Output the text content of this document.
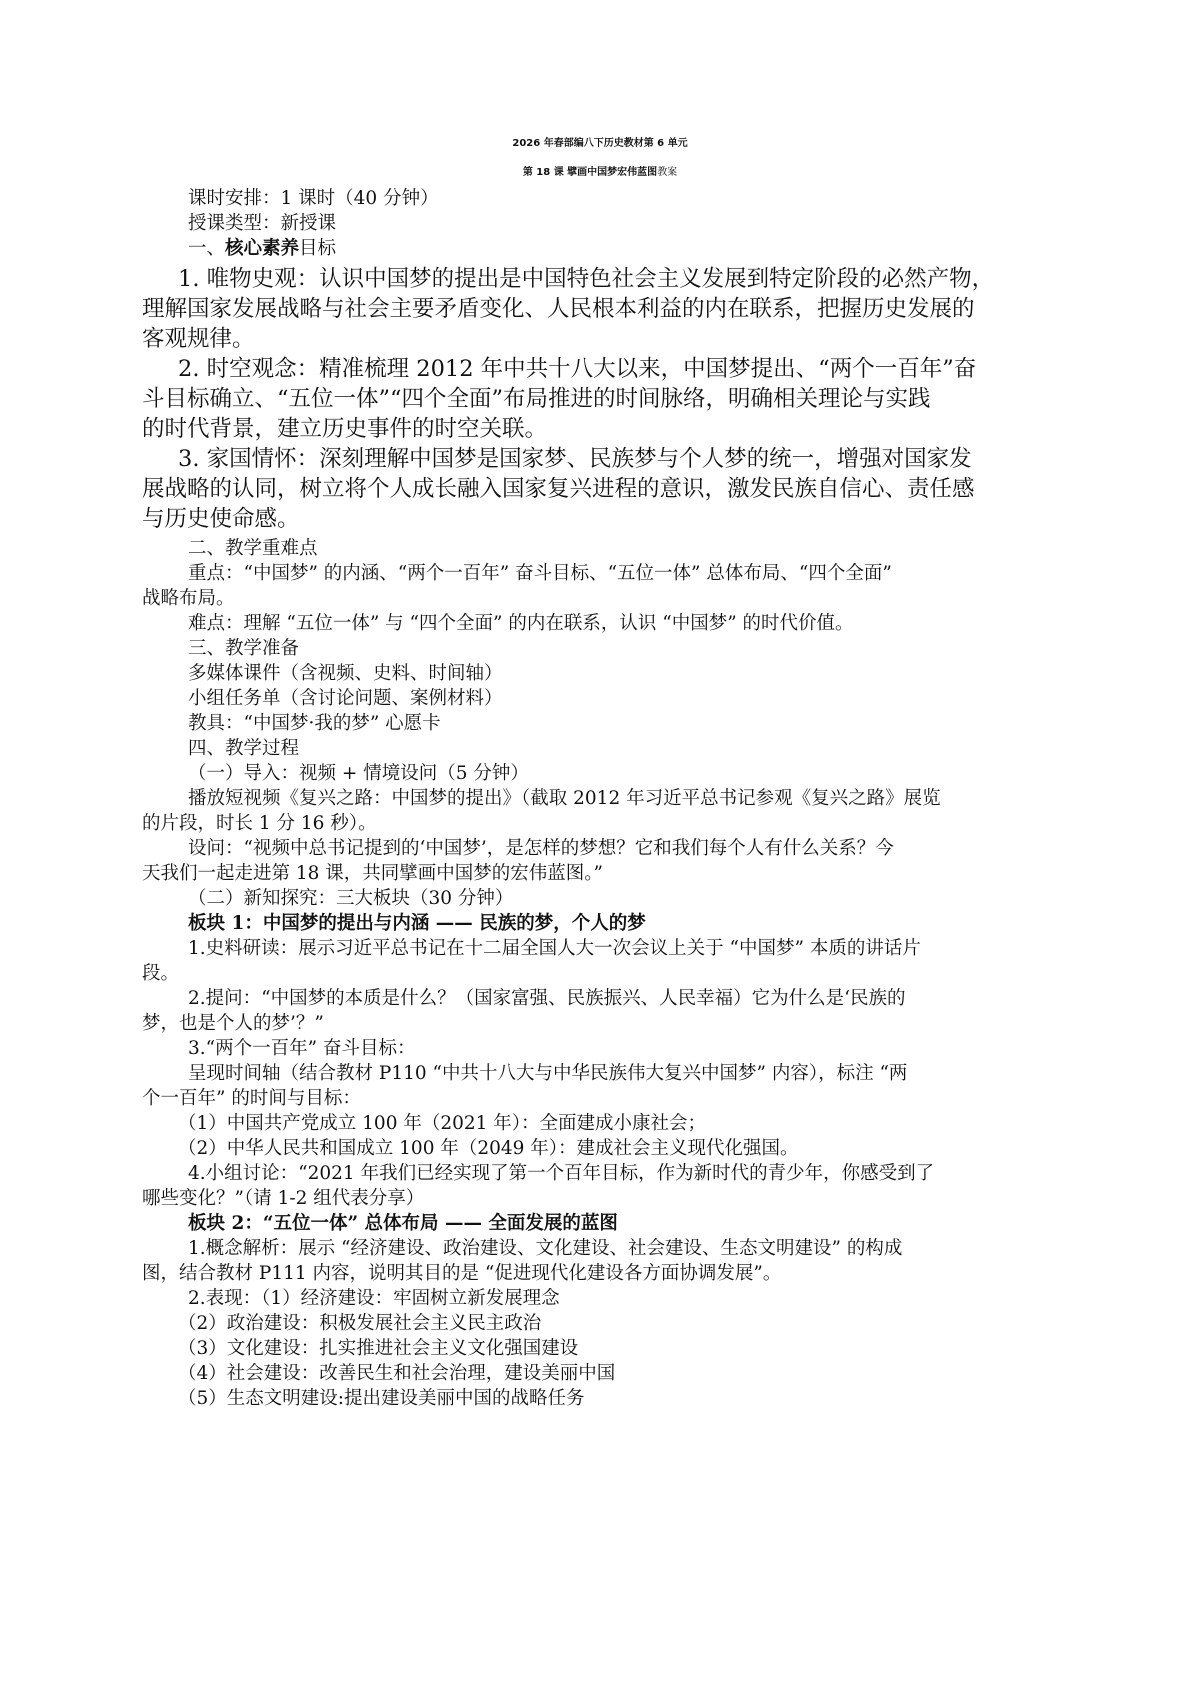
2026 年春部编八下历史教材第 6 单元
第 18 课 擘画中国梦宏伟蓝图教案
课时安排：1 课时（40 分钟）
授课类型：新授课
一、核心素养目标
1. 唯物史观：认识中国梦的提出是中国特色社会主义发展到特定阶段的必然产物，
理解国家发展战略与社会主要矛盾变化、人民根本利益的内在联系，把握历史发展的
客观规律。
2. 时空观念：精准梳理 2012 年中共十八大以来，中国梦提出、“两个一百年”奋
斗目标确立、“五位一体”“四个全面”布局推进的时间脉络，明确相关理论与实践
的时代背景，建立历史事件的时空关联。
3. 家国情怀：深刻理解中国梦是国家梦、民族梦与个人梦的统一，增强对国家发
展战略的认同，树立将个人成长融入国家复兴进程的意识，激发民族自信心、责任感
与历史使命感。
二、教学重难点
重点：“中国梦” 的内涵、“两个一百年” 奋斗目标、“五位一体” 总体布局、“四个全面”
战略布局。
难点：理解 “五位一体” 与 “四个全面” 的内在联系，认识 “中国梦” 的时代价值。
三、教学准备
多媒体课件（含视频、史料、时间轴）
小组任务单（含讨论问题、案例材料）
教具：“中国梦·我的梦” 心愿卡
四、教学过程
（一）导入：视频 + 情境设问（5 分钟）
播放短视频《复兴之路：中国梦的提出》（截取 2012 年习近平总书记参观《复兴之路》展览
的片段，时长 1 分 16 秒）。
设问：“视频中总书记提到的‘中国梦’，是怎样的梦想？它和我们每个人有什么关系？今
天我们一起走进第 18 课，共同擘画中国梦的宏伟蓝图。”
（二）新知探究：三大板块（30 分钟）
板块 1：中国梦的提出与内涵 —— 民族的梦，个人的梦
1.史料研读：展示习近平总书记在十二届全国人大一次会议上关于 “中国梦” 本质的讲话片
段。
2.提问：“中国梦的本质是什么？（国家富强、民族振兴、人民幸福）它为什么是‘民族的
梦，也是个人的梦’？”
3.“两个一百年” 奋斗目标：
呈现时间轴（结合教材 P110 “中共十八大与中华民族伟大复兴中国梦” 内容），标注 “两
个一百年” 的时间与目标：
（1）中国共产党成立 100 年（2021 年）：全面建成小康社会；
（2）中华人民共和国成立 100 年（2049 年）：建成社会主义现代化强国。
4.小组讨论：“2021 年我们已经实现了第一个百年目标，作为新时代的青少年，你感受到了
哪些变化？”（请 1-2 组代表分享）
板块 2：“五位一体” 总体布局 —— 全面发展的蓝图
1.概念解析：展示 “经济建设、政治建设、文化建设、社会建设、生态文明建设” 的构成
图，结合教材 P111 内容，说明其目的是 “促进现代化建设各方面协调发展”。
2.表现：（1）经济建设：牢固树立新发展理念
（2）政治建设：积极发展社会主义民主政治
（3）文化建设：扎实推进社会主义文化强国建设
（4）社会建设：改善民生和社会治理，建设美丽中国
（5）生态文明建设:提出建设美丽中国的战略任务
